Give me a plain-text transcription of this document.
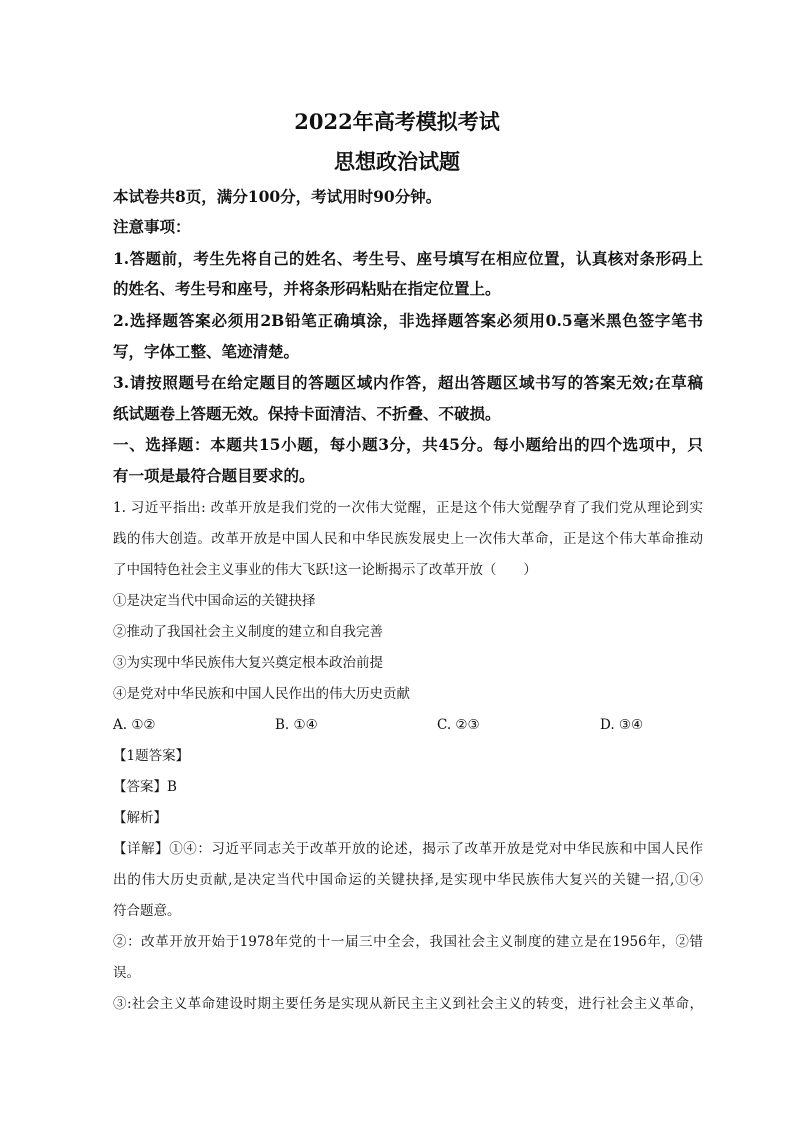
2022年高考模拟考试
思想政治试题
本试卷共8页，满分100分，考试用时90分钟。
注意事项：
1.答题前，考生先将自己的姓名、考生号、座号填写在相应位置，认真核对条形码上
的姓名、考生号和座号，并将条形码粘贴在指定位置上。
2.选择题答案必须用2B铅笔正确填涂，非选择题答案必须用0.5毫米黑色签字笔书
写，字体工整、笔迹清楚。
3.请按照题号在给定题目的答题区域内作答，超出答题区域书写的答案无效;在草稿
纸试题卷上答题无效。保持卡面清洁、不折叠、不破损。
一、选择题：本题共15小题，每小题3分，共45分。每小题给出的四个选项中，只
有一项是最符合题目要求的。
1. 习近平指出: 改革开放是我们党的一次伟大觉醒，正是这个伟大觉醒孕育了我们党从理论到实
践的伟大创造。改革开放是中国人民和中华民族发展史上一次伟大革命，正是这个伟大革命推动
了中国特色社会主义事业的伟大飞跃!这一论断揭示了改革开放（　　）
①是决定当代中国命运的关键抉择
②推动了我国社会主义制度的建立和自我完善
③为实现中华民族伟大复兴奠定根本政治前提
④是党对中华民族和中国人民作出的伟大历史贡献
A. ①②	B. ①④	C. ②③	D. ③④
【1题答案】
【答案】B
【解析】
【详解】①④：习近平同志关于改革开放的论述，揭示了改革开放是党对中华民族和中国人民作
出的伟大历史贡献,是决定当代中国命运的关键抉择,是实现中华民族伟大复兴的关键一招,①④
符合题意。
②：改革开放开始于1978年党的十一届三中全会，我国社会主义制度的建立是在1956年，②错
误。
③:社会主义革命建设时期主要任务是实现从新民主主义到社会主义的转变，进行社会主义革命，
